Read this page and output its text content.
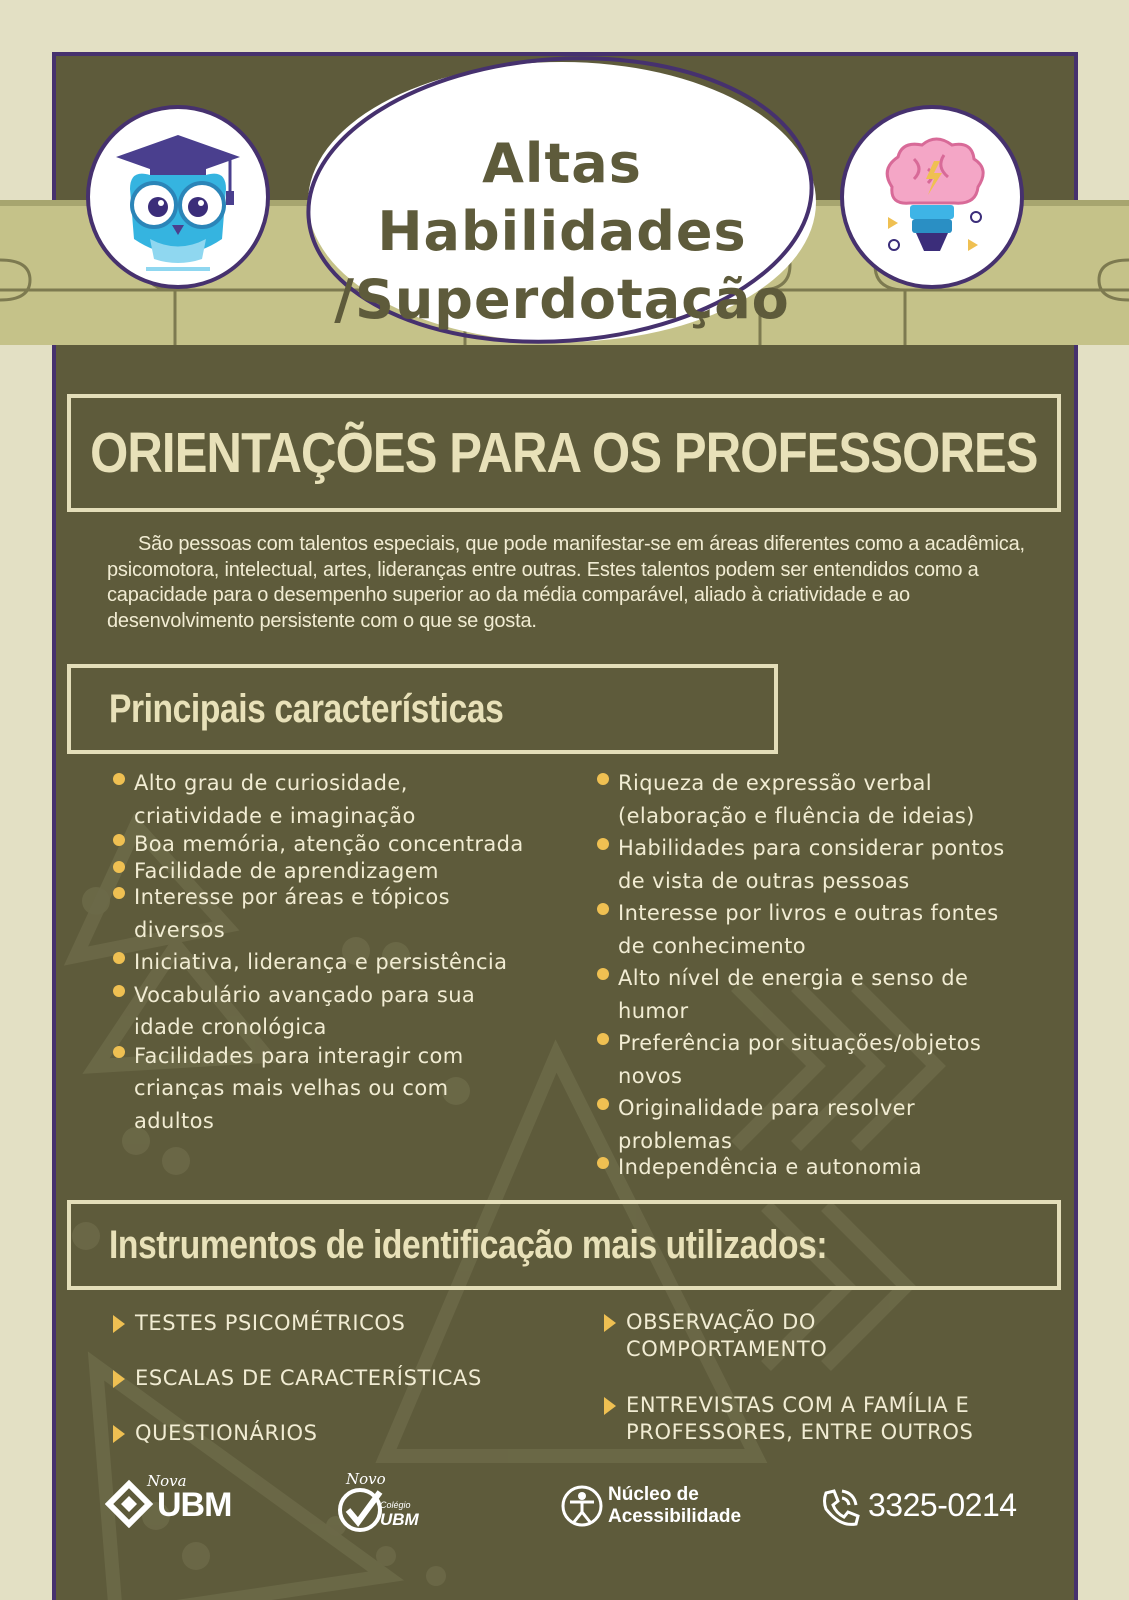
Altas Habilidades
/Superdotação
ORIENTAÇÕES PARA OS PROFESSORES
São pessoas com talentos especiais, que pode manifestar-se em áreas diferentes como a acadêmica, psicomotora, intelectual, artes, lideranças entre outras. Estes talentos podem ser entendidos como a capacidade para o desempenho superior ao da média comparável, aliado à criatividade e ao desenvolvimento persistente com o que se gosta.
Principais características
Alto grau de curiosidade, criatividade e imaginação
Boa memória, atenção concentrada
Facilidade de aprendizagem
Interesse por áreas e tópicos diversos
Iniciativa, liderança e persistência
Vocabulário avançado para sua idade cronológica
Facilidades para interagir com crianças mais velhas ou com adultos
Riqueza de expressão verbal (elaboração e fluência de ideias)
Habilidades para considerar pontos de vista de outras pessoas
Interesse por livros e outras fontes de conhecimento
Alto nível de energia e senso de humor
Preferência por situações/objetos novos
Originalidade para resolver problemas
Independência e autonomia
Instrumentos de identificação mais utilizados:
TESTES PSICOMÉTRICOS
ESCALAS DE CARACTERÍSTICAS
QUESTIONÁRIOS
OBSERVAÇÃO DO COMPORTAMENTO
ENTREVISTAS COM A FAMÍLIA E PROFESSORES, ENTRE OUTROS
Nova
UBM
Novo
Colégio
UBM
Núcleo de
Acessibilidade	3325-0214
